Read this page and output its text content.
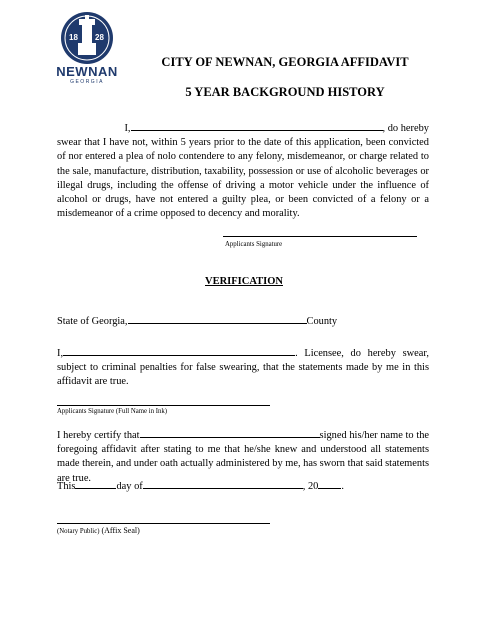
18 28
NEWNAN
GEORGIA
CITY OF NEWNAN, GEORGIA AFFIDAVIT
5 YEAR BACKGROUND HISTORY
I,	, do hereby
swear that I have not, within 5 years prior to the date of this application, been convicted of nor entered a plea of nolo contendere to any felony, misdemeanor, or charge related to the sale, manufacture, distribution, taxability, possession or use of alcoholic beverages or illegal drugs, including the offense of driving a motor vehicle under the influence of alcohol or drugs, have not entered a guilty plea, or been convicted of a felony or a misdemeanor of a crime opposed to decency and morality.
Applicants Signature
VERIFICATION
State of Georgia,	County
I,	. Licensee, do hereby swear, subject to criminal penalties for false swearing, that the statements made by me in this affidavit are true.
Applicants Signature (Full Name in Ink)
I hereby certify that	signed his/her name to the foregoing affidavit after stating to me that he/she knew and understood all statements made therein, and under oath actually administered by me, has sworn that said statements are true.
This	day of	, 20 .
(Notary Public) (Affix Seal)
